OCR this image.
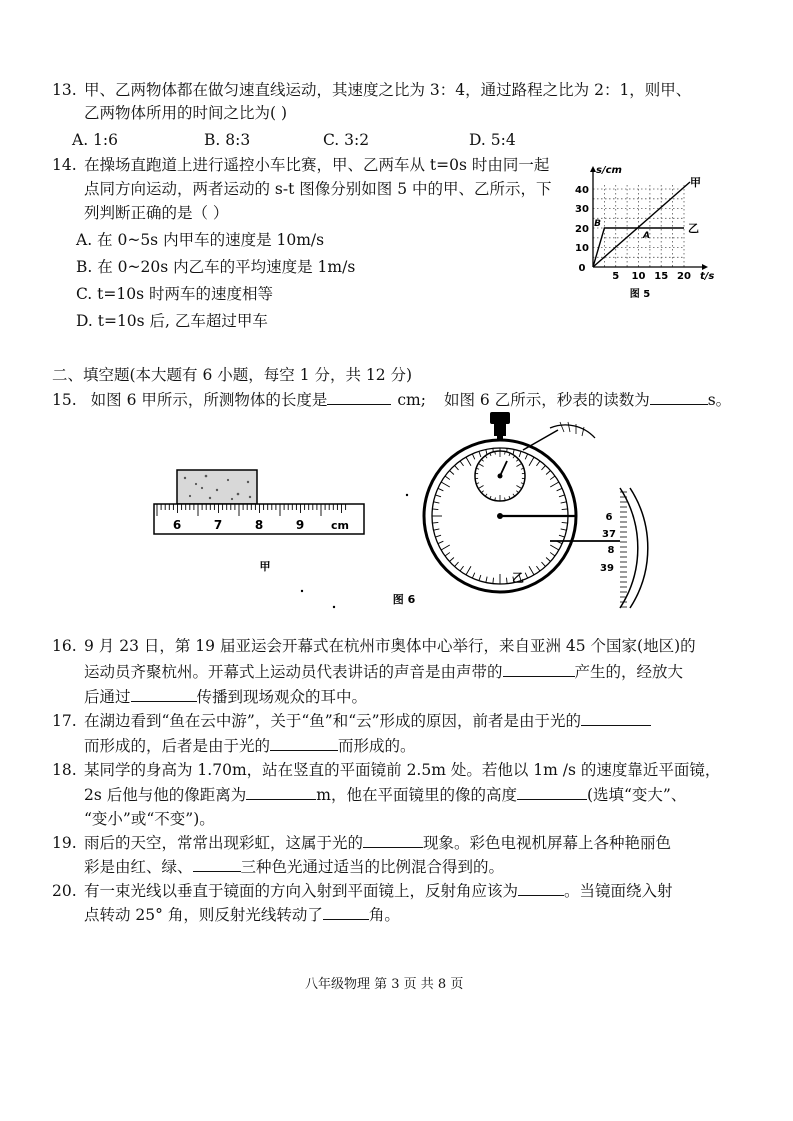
13. 甲、乙两物体都在做匀速直线运动，其速度之比为 3：4，通过路程之比为 2：1，则甲、
乙两物体所用的时间之比为( )
A. 1:6	B. 8:3	C. 3:2	D. 5:4
14. 在操场直跑道上进行遥控小车比赛，甲、乙两车从 t=0s 时由同一起
点同方向运动，两者运动的 s-t 图像分别如图 5 中的甲、乙所示，下
列判断正确的是（ ）
A. 在 0~5s 内甲车的速度是 10m/s
B. 在 0~20s 内乙车的平均速度是 1m/s
C. t=10s 时两车的速度相等
D. t=10s 后, 乙车超过甲车
s/cm
t/s
0
10
20
30
40
5 10 15 20
甲
乙
B
A
图 5
二、填空题(本大题有 6 小题，每空 1 分，共 12 分)
15. 如图 6 甲所示，所测物体的长度是	cm; 如图 6 乙所示，秒表的读数为	s。
6	7	8	9 cm
甲
6
37
8
39
乙
图 6
16. 9 月 23 日，第 19 届亚运会开幕式在杭州市奥体中心举行，来自亚洲 45 个国家(地区)的
运动员齐聚杭州。开幕式上运动员代表讲话的声音是由声带的	产生的，经放大
后通过	传播到现场观众的耳中。
17. 在湖边看到“鱼在云中游”，关于“鱼”和“云”形成的原因，前者是由于光的
而形成的，后者是由于光的	而形成的。
18. 某同学的身高为 1.70m，站在竖直的平面镜前 2.5m 处。若他以 1m /s 的速度靠近平面镜，
2s 后他与他的像距离为	m，他在平面镜里的像的高度	(选填“变大”、
“变小”或“不变”)。
19. 雨后的天空，常常出现彩虹，这属于光的	现象。彩色电视机屏幕上各种艳丽色
彩是由红、绿、	三种色光通过适当的比例混合得到的。
20. 有一束光线以垂直于镜面的方向入射到平面镜上，反射角应该为	。当镜面绕入射
点转动 25° 角，则反射光线转动了	角。
八年级物理 第 3 页 共 8 页
